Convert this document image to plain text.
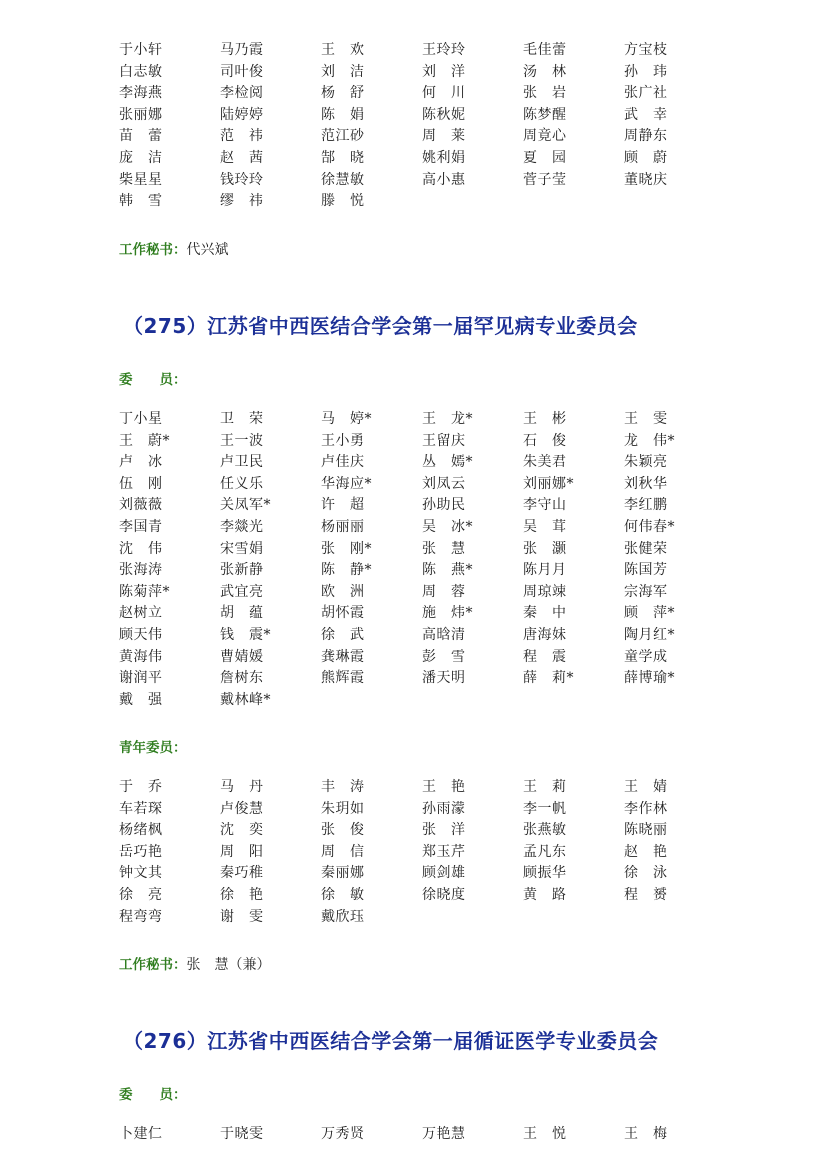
于小轩	马乃霞	王　欢	王玲玲	毛佳蕾	方宝枝
白志敏	司叶俊	刘　洁	刘　洋	汤　林	孙　玮
李海燕	李检阅	杨　舒	何　川	张　岩	张广社
张丽娜	陆婷婷	陈　娟	陈秋妮	陈梦醒	武　幸
苗　蕾	范　祎	范江砂	周　莱	周竟心	周静东
庞　洁	赵　茜	郜　晓	姚利娟	夏　园	顾　蔚
柴星星	钱玲玲	徐慧敏	高小惠	菅子莹	董晓庆
韩　雪	缪　祎	滕　悦
工作秘书：代兴斌
（275）江苏省中西医结合学会第一届罕见病专业委员会
委　　员：
丁小星	卫　荣	马　婷*	王　龙*	王　彬	王　雯
王　蔚*	王一波	王小勇	王留庆	石　俊	龙　伟*
卢　冰	卢卫民	卢佳庆	丛　嫣*	朱美君	朱颖亮
伍　刚	任义乐	华海应*	刘凤云	刘丽娜*	刘秋华
刘薇薇	关凤军*	许　超	孙助民	李守山	李红鹏
李国青	李燚光	杨丽丽	吴　冰*	吴　茸	何伟春*
沈　伟	宋雪娟	张　刚*	张　慧	张　灏	张健荣
张海涛	张新静	陈　静*	陈　燕*	陈月月	陈国芳
陈菊萍*	武宜亮	欧　洲	周　蓉	周琼竦	宗海军
赵树立	胡　蕴	胡怀霞	施　炜*	秦　中	顾　萍*
顾天伟	钱　震*	徐　武	高晗清	唐海妹	陶月红*
黄海伟	曹婧媛	龚琳霞	彭　雪	程　震	童学成
谢润平	詹树东	熊辉霞	潘天明	薛　莉*	薛博瑜*
戴　强	戴林峰*
青年委员：
于　乔	马　丹	丰　涛	王　艳	王　莉	王　婧
车若琛	卢俊慧	朱玥如	孙雨濛	李一帆	李作林
杨绪枫	沈　奕	张　俊	张　洋	张燕敏	陈晓丽
岳巧艳	周　阳	周　信	郑玉芹	孟凡东	赵　艳
钟文其	秦巧稚	秦丽娜	顾剑雄	顾振华	徐　泳
徐　亮	徐　艳	徐　敏	徐晓度	黄　路	程　赟
程弯弯	谢　雯	戴欣珏
工作秘书：张　慧（兼）
（276）江苏省中西医结合学会第一届循证医学专业委员会
委　　员：
卜建仁	于晓雯	万秀贤	万艳慧	王　悦	王　梅
